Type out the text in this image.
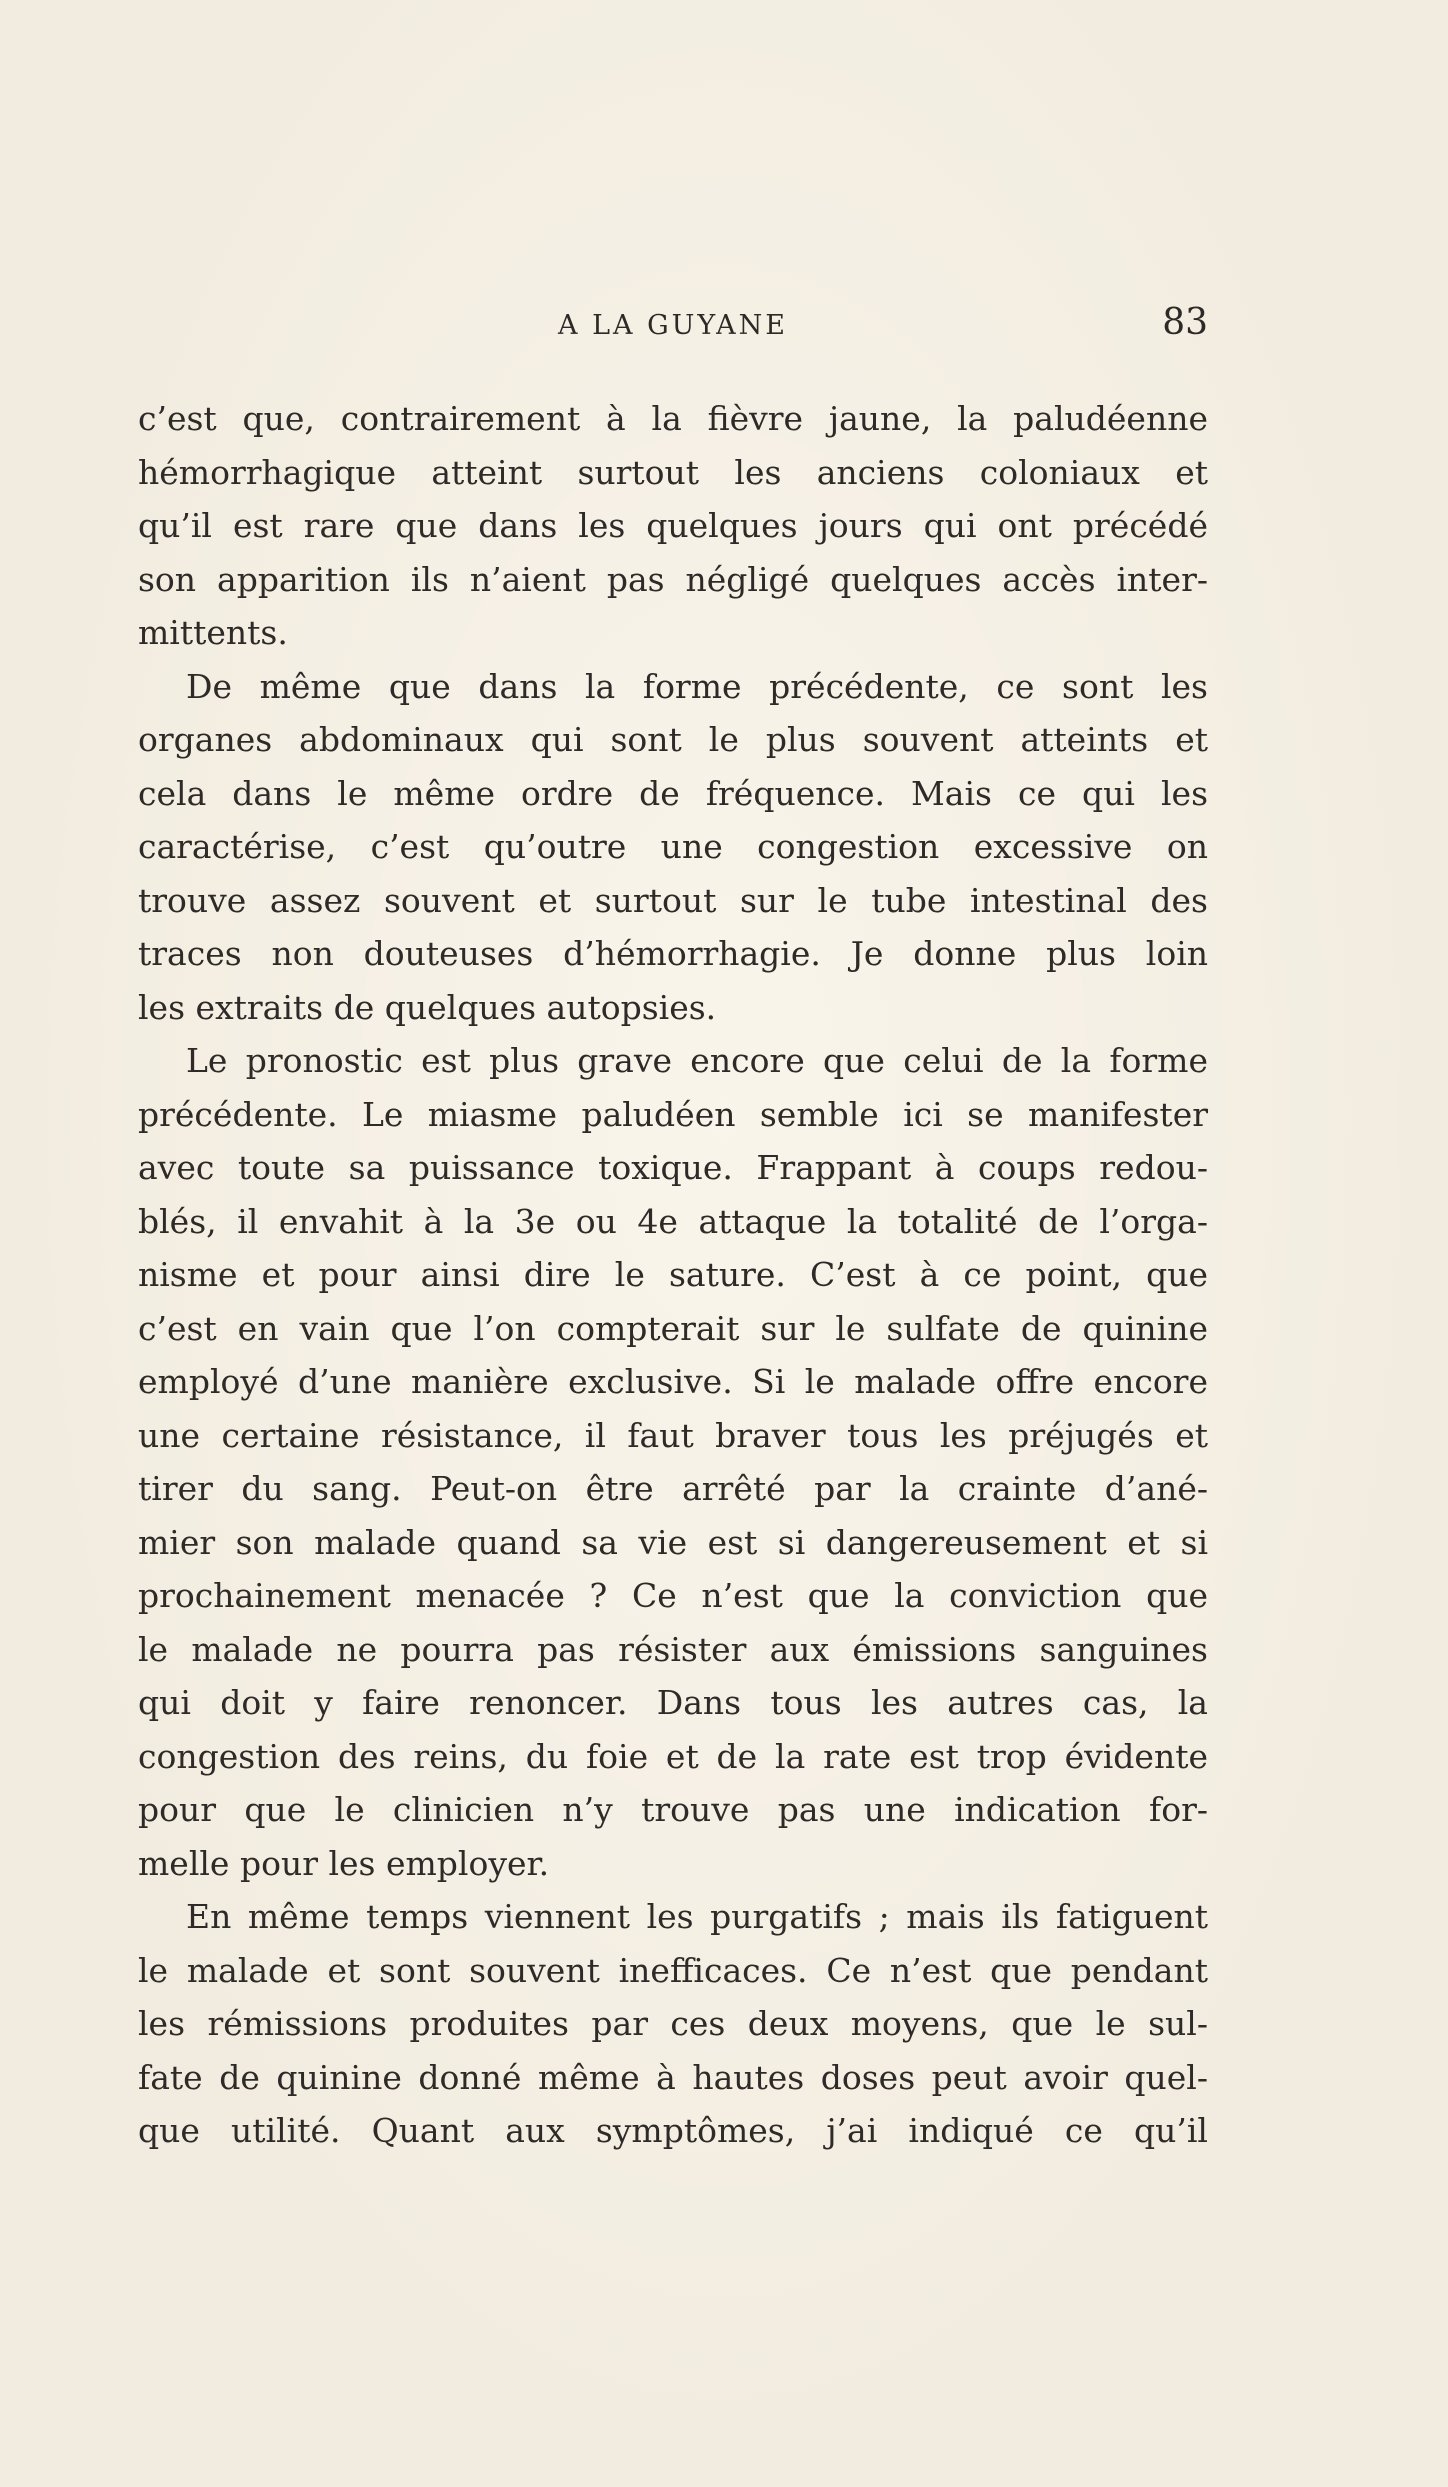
A LA GUYANE	83
c’est que, contrairement à la fièvre jaune, la paludéenne
hémorrhagique atteint surtout les anciens coloniaux et
qu’il est rare que dans les quelques jours qui ont précédé
son apparition ils n’aient pas négligé quelques accès inter-
mittents.
De même que dans la forme précédente, ce sont les
organes abdominaux qui sont le plus souvent atteints et
cela dans le même ordre de fréquence. Mais ce qui les
caractérise, c’est qu’outre une congestion excessive on
trouve assez souvent et surtout sur le tube intestinal des
traces non douteuses d’hémorrhagie. Je donne plus loin
les extraits de quelques autopsies.
Le pronostic est plus grave encore que celui de la forme
précédente. Le miasme paludéen semble ici se manifester
avec toute sa puissance toxique. Frappant à coups redou-
blés, il envahit à la 3e ou 4e attaque la totalité de l’orga-
nisme et pour ainsi dire le sature. C’est à ce point, que
c’est en vain que l’on compterait sur le sulfate de quinine
employé d’une manière exclusive. Si le malade offre encore
une certaine résistance, il faut braver tous les préjugés et
tirer du sang. Peut-on être arrêté par la crainte d’ané-
mier son malade quand sa vie est si dangereusement et si
prochainement menacée ? Ce n’est que la conviction que
le malade ne pourra pas résister aux émissions sanguines
qui doit y faire renoncer. Dans tous les autres cas, la
congestion des reins, du foie et de la rate est trop évidente
pour que le clinicien n’y trouve pas une indication for-
melle pour les employer.
En même temps viennent les purgatifs ; mais ils fatiguent
le malade et sont souvent inefficaces. Ce n’est que pendant
les rémissions produites par ces deux moyens, que le sul-
fate de quinine donné même à hautes doses peut avoir quel-
que utilité. Quant aux symptômes, j’ai indiqué ce qu’il
